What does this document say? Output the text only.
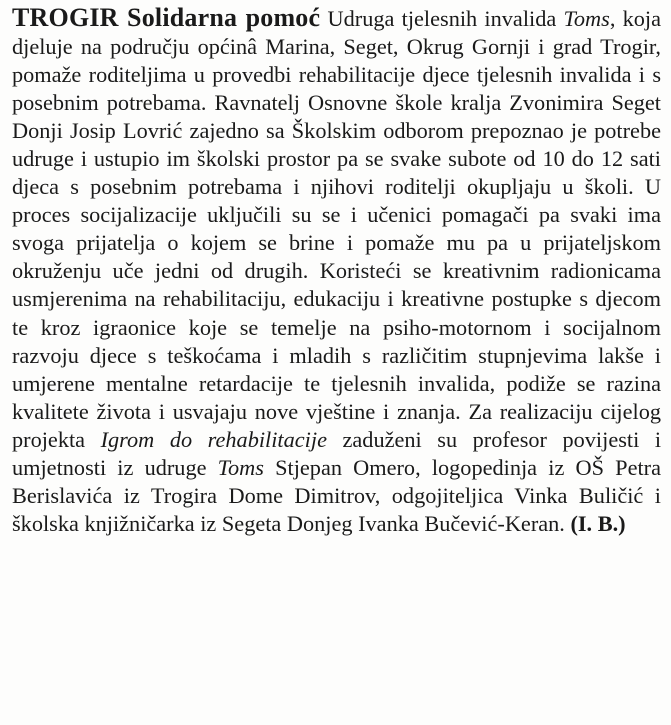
TROGIR Solidarna pomoć Udruga tjelesnih invalida Toms, koja djeluje na području općinâ Marina, Seget, Okrug Gornji i grad Trogir, pomaže roditeljima u provedbi rehabilitacije djece tjelesnih invalida i s posebnim potrebama. Ravnatelj Osnovne škole kralja Zvonimira Seget Donji Josip Lovrić zajedno sa Školskim odborom prepoznao je potrebe udruge i ustupio im školski prostor pa se svake subote od 10 do 12 sati djeca s posebnim potrebama i njihovi roditelji okupljaju u školi. U proces socijalizacije uključili su se i učenici pomagači pa svaki ima svoga prijatelja o kojem se brine i pomaže mu pa u prijateljskom okruženju uče jedni od drugih. Koristeći se kreativnim radionicama usmjerenima na rehabilitaciju, edukaciju i kreativne postupke s djecom te kroz igraonice koje se temelje na psiho-motornom i socijalnom razvoju djece s teškoćama i mladih s različitim stupnjevima lakše i umjerene mentalne retardacije te tjelesnih invalida, podiže se razina kvalitete života i usvajaju nove vještine i znanja. Za realizaciju cijelog projekta Igrom do rehabilitacije zaduženi su profesor povijesti i umjetnosti iz udruge Toms Stjepan Omero, logopedinja iz OŠ Petra Berislavića iz Trogira Dome Dimitrov, odgojiteljica Vinka Buličić i školska knjižničarka iz Segeta Donjeg Ivanka Bučević-Keran. (I. B.)
